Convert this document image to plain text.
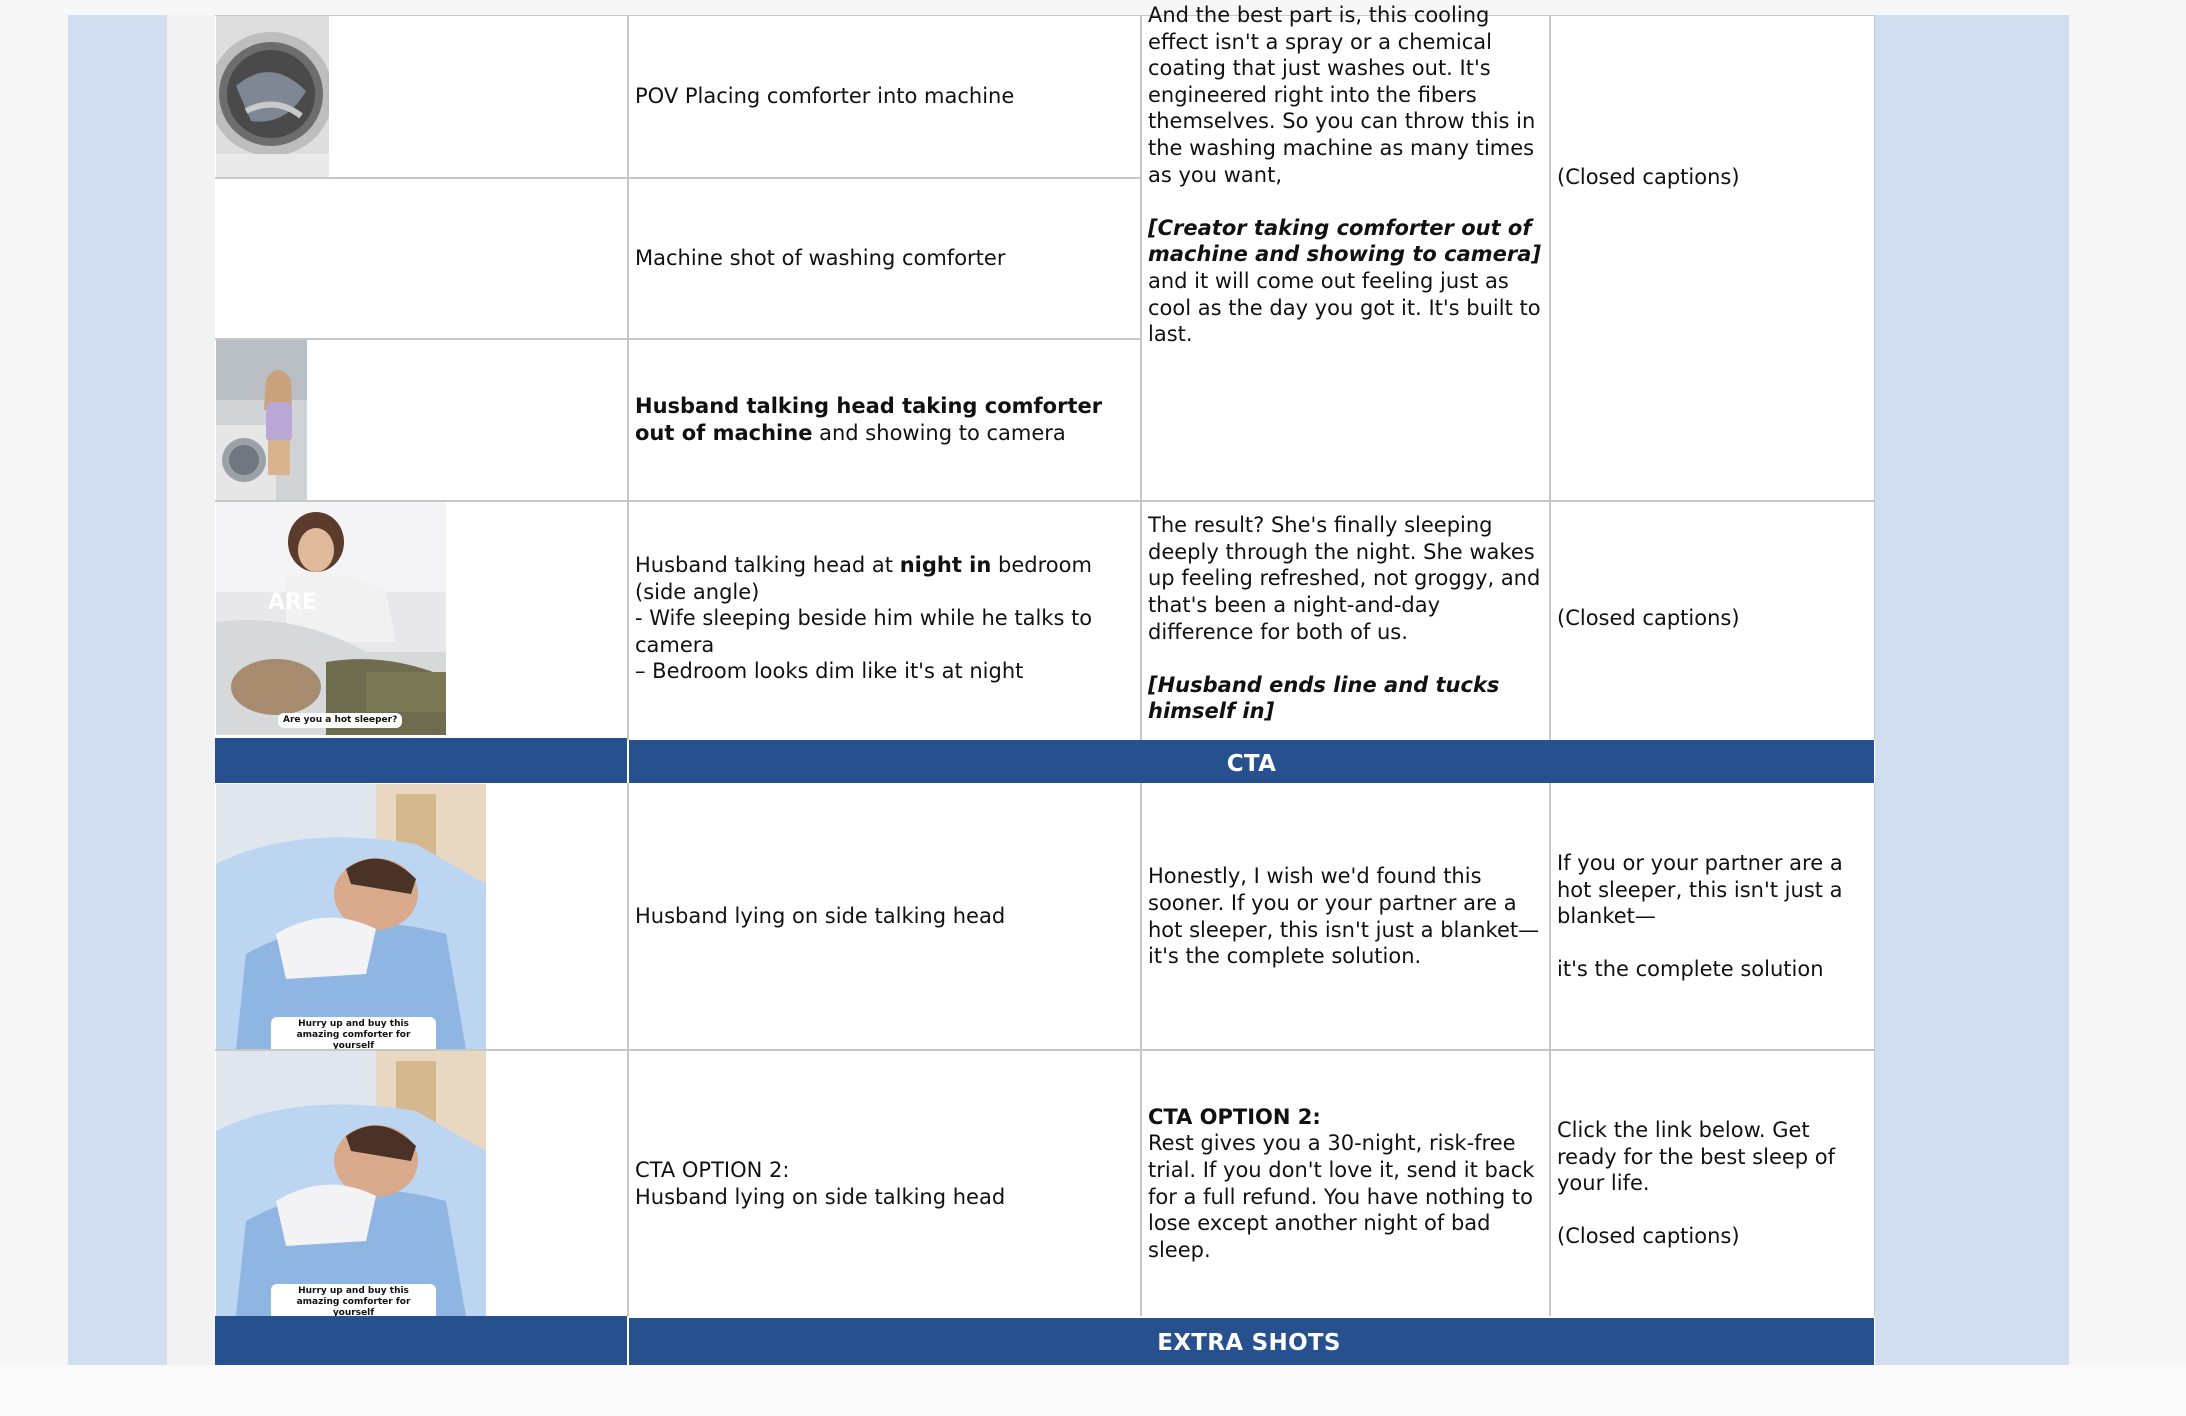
POV Placing comforter into machine

Machine shot of washing comforter

Husband talking head taking comforter out of machine and showing to camera

And the best part is, this cooling effect isn't a spray or a chemical coating that just washes out. It's engineered right into the fibers themselves. So you can throw this in the washing machine as many times as you want,

[Creator taking comforter out of machine and showing to camera] and it will come out feeling just as cool as the day you got it. It's built to last.

(Closed captions)

ARE
Are you a hot sleeper?

Husband talking head at night in bedroom (side angle)

- Wife sleeping beside him while he talks to camera

– Bedroom looks dim like it's at night

The result? She's finally sleeping deeply through the night. She wakes up feeling refreshed, not groggy, and that's been a night-and-day difference for both of us.

[Husband ends line and tucks himself in]

(Closed captions)

CTA
Hurry up and buy this amazing comforter for yourself

Husband lying on side talking head

Honestly, I wish we'd found this sooner. If you or your partner are a hot sleeper, this isn't just a blanket—it's the complete solution.

If you or your partner are a hot sleeper, this isn't just a blanket—

it's the complete solution

Hurry up and buy this amazing comforter for yourself

CTA OPTION 2:

Husband lying on side talking head

CTA OPTION 2:

Rest gives you a 30-night, risk-free trial. If you don't love it, send it back for a full refund. You have nothing to lose except another night of bad sleep.

Click the link below. Get ready for the best sleep of your life.

(Closed captions)

EXTRA SHOTS
